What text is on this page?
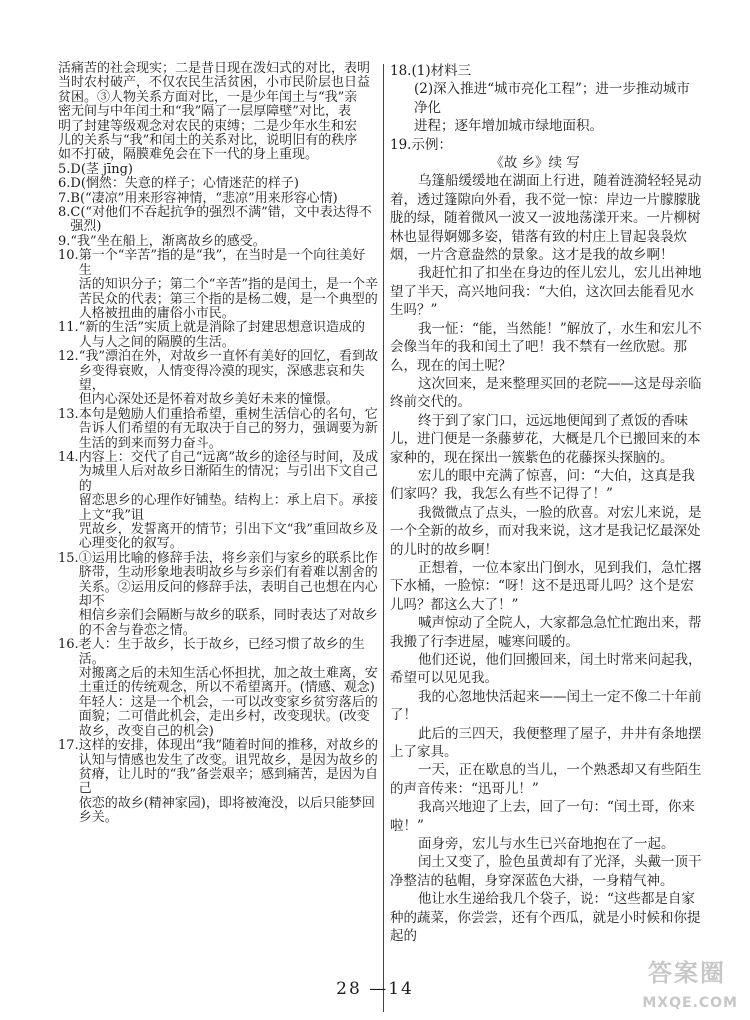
活痛苦的社会现实；二是昔日现在泼妇式的对比，表明

当时农村破产，不仅农民生活贫困，小市民阶层也日益

贫困。③人物关系方面对比，一是少年闰土与“我”亲

密无间与中年闰土和“我”隔了一层厚障壁”对比，表

明了封建等级观念对农民的束缚；二是少年水生和宏

儿的关系与“我”和闰土的关系对比，说明旧有的秩序

如不打破，隔膜难免会在下一代的身上重现。

5. D(茎 jīng)
6. D(惘然：失意的样子；心情迷茫的样子)
7. B(“凄凉”用来形容神情，“悲凉”用来形容心情)
8. C(“对他们不吞起抗争的强烈不满”错，文中表达得不
强烈)
9. “我”坐在船上，渐离故乡的感受。
10. 第一个“辛苦”指的是“我”，在当时是一个向往美好生
活的知识分子；第二个“辛苦”指的是闰土，是一个辛
苦民众的代表；第三个指的是杨二嫂，是一个典型的
人格被扭曲的庸俗小市民。
11. “新的生活”实质上就是消除了封建思想意识造成的
人与人之间的隔膜的生活。
12. “我”漂泊在外，对故乡一直怀有美好的回忆，看到故
乡变得衰败，人情变得冷漠的现实，深感悲哀和失望，
但内心深处还是怀着对故乡美好未来的憧憬。
13. 本句是勉励人们重拾希望，重树生活信心的名句，它
告诉人们希望的有无取决于自己的努力，强调要为新
生活的到来而努力奋斗。
14. 内容上：交代了自己“远离”故乡的途径与时间，及成
为城里人后对故乡日渐陌生的情况；与引出下文自己的
留恋思乡的心理作好铺垫。结构上：承上启下。承接上文“我”诅
咒故乡，发誓离开的情节；引出下文“我”重回故乡及
心理变化的叙写。
15. ①运用比喻的修辞手法，将乡亲们与家乡的联系比作
脐带，生动形象地表明故乡与乡亲们有着难以割舍的
关系。②运用反问的修辞手法，表明自己也想在内心却不
相信乡亲们会隔断与故乡的联系，同时表达了对故乡
的不舍与眷恋之情。
16. 老人：生于故乡，长于故乡，已经习惯了故乡的生活。
对搬离之后的未知生活心怀担扰，加之故土难离，安
土重迁的传统观念，所以不希望离开。(情感、观念)
年轻人：这是一个机会，一可以改变家乡贫穷落后的
面貌；二可借此机会，走出乡村，改变现状。(改变
故乡，改变自己的机会)
17. 这样的安排，体现出“我”随着时间的推移，对故乡的
认知与情感也发生了改变。诅咒故乡，是因为故乡的
贫瘠，让儿时的“我”备尝艰辛；感到痛苦，是因为自己
依恋的故乡(精神家园)，即将被淹没，以后只能梦回
乡关。
18. (1)材料三
(2)深入推进“城市亮化工程”；进一步推动城市净化
进程；逐年增加城市绿地面积。
19. 示例：

《故 乡》续 写

乌篷船缓缓地在湖面上行进，随着涟漪轻轻晃动着，透过篷隙向外看，我不觉一惊：岸边一片朦朦胧胧的绿，随着微风一波又一波地荡漾开来。一片柳树林也显得婀娜多姿，错落有致的村庄上冒起袅袅炊烟，一片含意盎然的景象。这才是我的故乡啊！

我赶忙扣了扣坐在身边的侄儿宏儿，宏儿出神地望了半天，高兴地问我：“大伯，这次回去能看见水生吗？”

我一怔：“能，当然能！”解放了，水生和宏儿不会像当年的我和闰土了吧！我不禁有一丝欣慰。那么，现在的闰土呢？

这次回来，是来整理买回的老院——这是母亲临终前交代的。

终于到了家门口，远远地便闻到了煮饭的香味儿，进门便是一条藤萝花，大概是几个已搬回来的本家种的，现在探出一簇紫色的花藤探头探脑的。

宏儿的眼中充满了惊喜，问：“大伯，这真是我们家吗？我，我怎么有些不记得了！”

我微微点了点头，一脸的欣喜。对宏儿来说，是一个全新的故乡，而对我来说，这才是我记忆最深处的儿时的故乡啊！

正想着，一位本家出门倒水，见到我们，急忙撂下水桶，一脸惊：“呀！这不是迅哥儿吗？这个是宏儿吗？都这么大了！”

喊声惊动了全院人，大家都急急忙忙跑出来，帮我搬了行李进屋，嘘寒问暖的。

他们还说，他们回搬回来，闰土时常来问起我，希望可以见见我。

我的心忽地快活起来——闰土一定不像二十年前了！

此后的三四天，我便整理了屋子，井井有条地摆上了家具。

一天，正在歇息的当儿，一个熟悉却又有些陌生的声音传来：“迅哥儿！”

我高兴地迎了上去，回了一句：“闰土哥，你来啦！”

面身旁，宏儿与水生已兴奋地抱在了一起。

闰土又变了，脸色虽黄却有了光泽，头戴一顶干净整洁的毡帽，身穿深蓝色大褂，一身精气神。

他让水生递给我几个袋子，说：“这些都是自家种的蔬菜，你尝尝，还有个西瓜，就是小时候和你提起的

28 —14
答案圈
MXQE.COM
